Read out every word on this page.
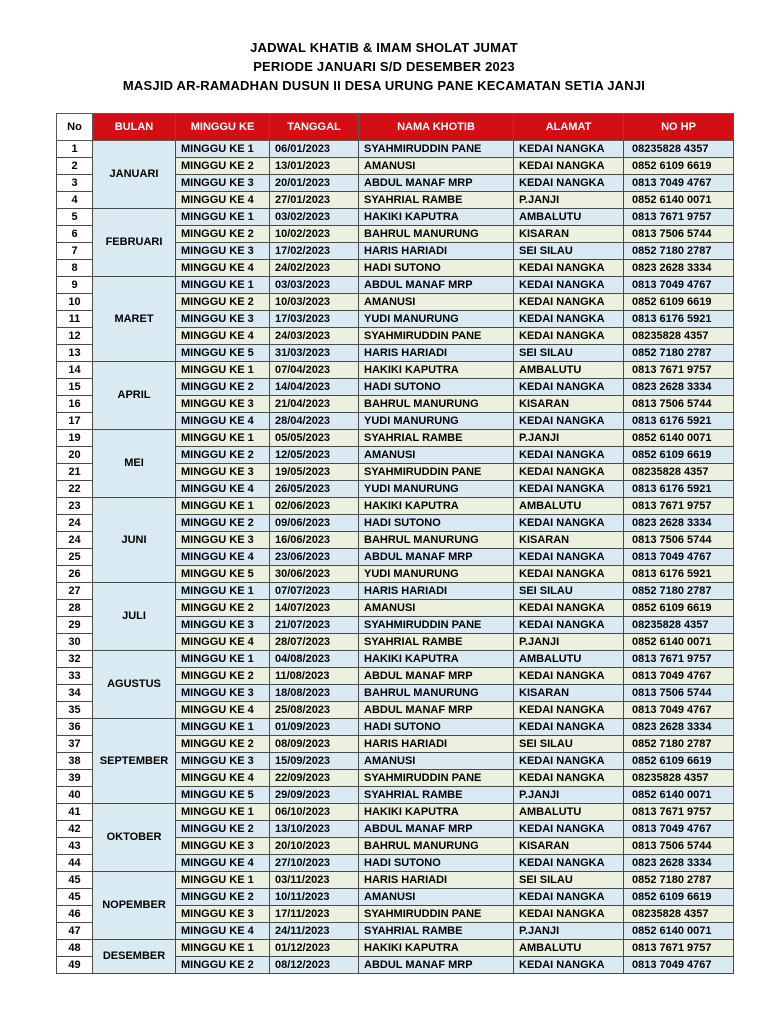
JADWAL KHATIB & IMAM SHOLAT JUMAT
PERIODE JANUARI S/D DESEMBER 2023
MASJID AR-RAMADHAN DUSUN II DESA URUNG PANE KECAMATAN SETIA JANJI
No	BULAN	MINGGU KE	TANGGAL	NAMA KHOTIB	ALAMAT	NO HP
1	JANUARI	MINGGU KE 1	06/01/2023	SYAHMIRUDDIN PANE	KEDAI NANGKA	08235828 4357
2		MINGGU KE 2	13/01/2023	AMANUSI	KEDAI NANGKA	0852 6109 6619
3		MINGGU KE 3	20/01/2023	ABDUL MANAF MRP	KEDAI NANGKA	0813 7049 4767
4		MINGGU KE 4	27/01/2023	SYAHRIAL RAMBE	P.JANJI	0852 6140 0071
5	FEBRUARI	MINGGU KE 1	03/02/2023	HAKIKI KAPUTRA	AMBALUTU	0813 7671 9757
6		MINGGU KE 2	10/02/2023	BAHRUL MANURUNG	KISARAN	0813 7506 5744
7		MINGGU KE 3	17/02/2023	HARIS HARIADI	SEI SILAU	0852 7180 2787
8		MINGGU KE 4	24/02/2023	HADI SUTONO	KEDAI NANGKA	0823 2628 3334
9	MARET	MINGGU KE 1	03/03/2023	ABDUL MANAF MRP	KEDAI NANGKA	0813 7049 4767
10		MINGGU KE 2	10/03/2023	AMANUSI	KEDAI NANGKA	0852 6109 6619
11		MINGGU KE 3	17/03/2023	YUDI MANURUNG	KEDAI NANGKA	0813 6176 5921
12		MINGGU KE 4	24/03/2023	SYAHMIRUDDIN PANE	KEDAI NANGKA	08235828 4357
13		MINGGU KE 5	31/03/2023	HARIS HARIADI	SEI SILAU	0852 7180 2787
14	APRIL	MINGGU KE 1	07/04/2023	HAKIKI KAPUTRA	AMBALUTU	0813 7671 9757
15		MINGGU KE 2	14/04/2023	HADI SUTONO	KEDAI NANGKA	0823 2628 3334
16		MINGGU KE 3	21/04/2023	BAHRUL MANURUNG	KISARAN	0813 7506 5744
17		MINGGU KE 4	28/04/2023	YUDI MANURUNG	KEDAI NANGKA	0813 6176 5921
19	MEI	MINGGU KE 1	05/05/2023	SYAHRIAL RAMBE	P.JANJI	0852 6140 0071
20		MINGGU KE 2	12/05/2023	AMANUSI	KEDAI NANGKA	0852 6109 6619
21		MINGGU KE 3	19/05/2023	SYAHMIRUDDIN PANE	KEDAI NANGKA	08235828 4357
22		MINGGU KE 4	26/05/2023	YUDI MANURUNG	KEDAI NANGKA	0813 6176 5921
23	JUNI	MINGGU KE 1	02/06/2023	HAKIKI KAPUTRA	AMBALUTU	0813 7671 9757
24		MINGGU KE 2	09/06/2023	HADI SUTONO	KEDAI NANGKA	0823 2628 3334
24		MINGGU KE 3	16/06/2023	BAHRUL MANURUNG	KISARAN	0813 7506 5744
25		MINGGU KE 4	23/06/2023	ABDUL MANAF MRP	KEDAI NANGKA	0813 7049 4767
26		MINGGU KE 5	30/06/2023	YUDI MANURUNG	KEDAI NANGKA	0813 6176 5921
27	JULI	MINGGU KE 1	07/07/2023	HARIS HARIADI	SEI SILAU	0852 7180 2787
28		MINGGU KE 2	14/07/2023	AMANUSI	KEDAI NANGKA	0852 6109 6619
29		MINGGU KE 3	21/07/2023	SYAHMIRUDDIN PANE	KEDAI NANGKA	08235828 4357
30		MINGGU KE 4	28/07/2023	SYAHRIAL RAMBE	P.JANJI	0852 6140 0071
32	AGUSTUS	MINGGU KE 1	04/08/2023	HAKIKI KAPUTRA	AMBALUTU	0813 7671 9757
33		MINGGU KE 2	11/08/2023	ABDUL MANAF MRP	KEDAI NANGKA	0813 7049 4767
34		MINGGU KE 3	18/08/2023	BAHRUL MANURUNG	KISARAN	0813 7506 5744
35		MINGGU KE 4	25/08/2023	ABDUL MANAF MRP	KEDAI NANGKA	0813 7049 4767
36	SEPTEMBER	MINGGU KE 1	01/09/2023	HADI SUTONO	KEDAI NANGKA	0823 2628 3334
37		MINGGU KE 2	08/09/2023	HARIS HARIADI	SEI SILAU	0852 7180 2787
38		MINGGU KE 3	15/09/2023	AMANUSI	KEDAI NANGKA	0852 6109 6619
39		MINGGU KE 4	22/09/2023	SYAHMIRUDDIN PANE	KEDAI NANGKA	08235828 4357
40		MINGGU KE 5	29/09/2023	SYAHRIAL RAMBE	P.JANJI	0852 6140 0071
41	OKTOBER	MINGGU KE 1	06/10/2023	HAKIKI KAPUTRA	AMBALUTU	0813 7671 9757
42		MINGGU KE 2	13/10/2023	ABDUL MANAF MRP	KEDAI NANGKA	0813 7049 4767
43		MINGGU KE 3	20/10/2023	BAHRUL MANURUNG	KISARAN	0813 7506 5744
44		MINGGU KE 4	27/10/2023	HADI SUTONO	KEDAI NANGKA	0823 2628 3334
45	NOPEMBER	MINGGU KE 1	03/11/2023	HARIS HARIADI	SEI SILAU	0852 7180 2787
45		MINGGU KE 2	10/11/2023	AMANUSI	KEDAI NANGKA	0852 6109 6619
46		MINGGU KE 3	17/11/2023	SYAHMIRUDDIN PANE	KEDAI NANGKA	08235828 4357
47		MINGGU KE 4	24/11/2023	SYAHRIAL RAMBE	P.JANJI	0852 6140 0071
48	DESEMBER	MINGGU KE 1	01/12/2023	HAKIKI KAPUTRA	AMBALUTU	0813 7671 9757
49		MINGGU KE 2	08/12/2023	ABDUL MANAF MRP	KEDAI NANGKA	0813 7049 4767
